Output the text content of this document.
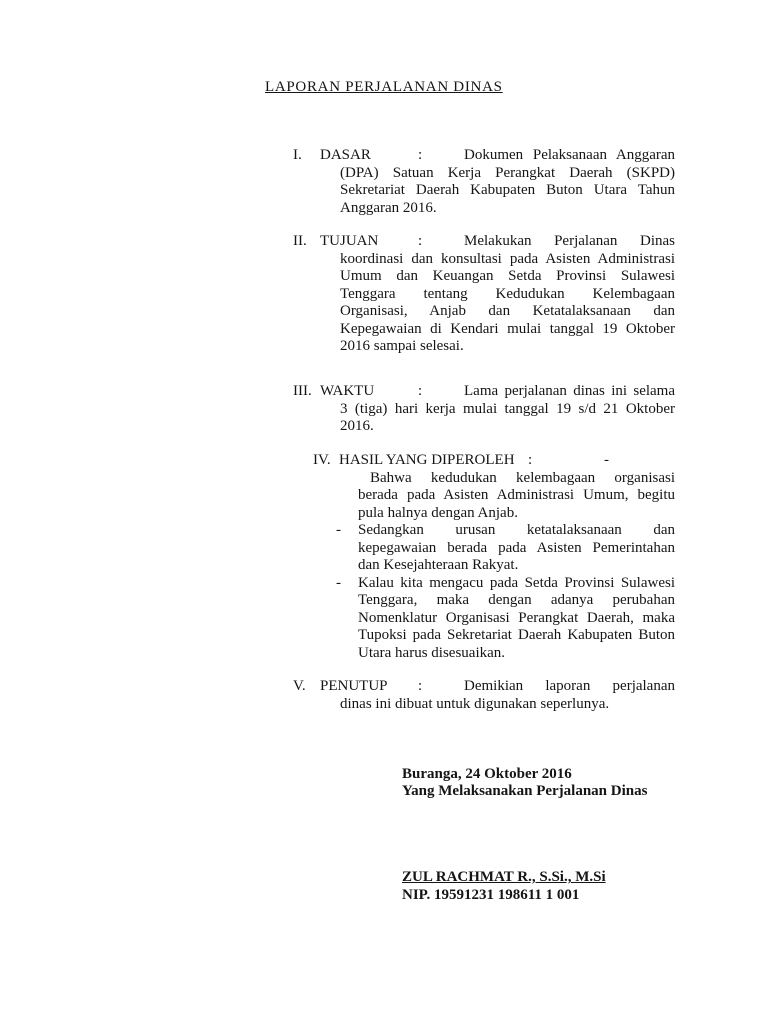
LAPORAN PERJALANAN DINAS
I. DASAR	:	Dokumen Pelaksanaan Anggaran
(DPA) Satuan Kerja Perangkat Daerah (SKPD)
Sekretariat Daerah Kabupaten Buton Utara Tahun
Anggaran 2016.
II. TUJUAN	:	Melakukan Perjalanan Dinas
koordinasi dan konsultasi pada Asisten Administrasi
Umum dan Keuangan Setda Provinsi Sulawesi
Tenggara tentang Kedudukan Kelembagaan
Organisasi, Anjab dan Ketatalaksanaan dan
Kepegawaian di Kendari mulai tanggal 19 Oktober
2016 sampai selesai.
III. WAKTU	:	Lama perjalanan dinas ini selama
3 (tiga) hari kerja mulai tanggal 19 s/d 21 Oktober
2016.
IV. HASIL YANG DIPEROLEH :	-
Bahwa kedudukan kelembagaan organisasi
berada pada Asisten Administrasi Umum, begitu
pula halnya dengan Anjab.
- Sedangkan urusan ketatalaksanaan dan
kepegawaian berada pada Asisten Pemerintahan
dan Kesejahteraan Rakyat.
- Kalau kita mengacu pada Setda Provinsi Sulawesi
Tenggara, maka dengan adanya perubahan
Nomenklatur Organisasi Perangkat Daerah, maka
Tupoksi pada Sekretariat Daerah Kabupaten Buton
Utara harus disesuaikan.
V. PENUTUP :	Demikian laporan perjalanan
dinas ini dibuat untuk digunakan seperlunya.
Buranga, 24 Oktober 2016
Yang Melaksanakan Perjalanan Dinas
ZUL RACHMAT R., S.Si., M.Si
NIP. 19591231 198611 1 001
